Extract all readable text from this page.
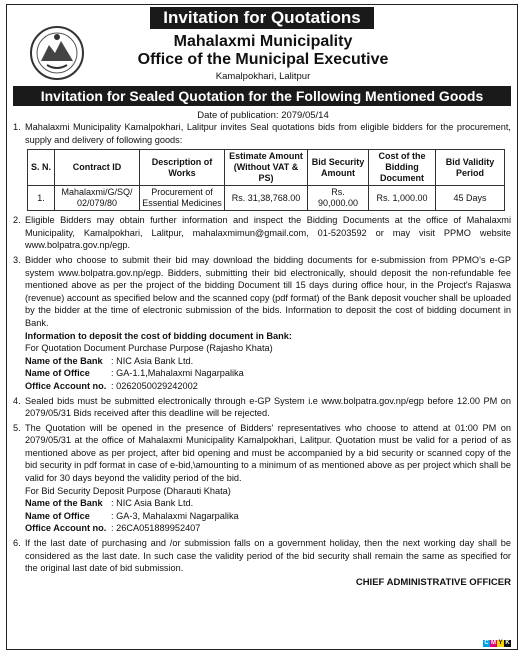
Invitation for Quotations
Mahalaxmi Municipality
Office of the Municipal Executive
Kamalpokhari, Lalitpur
Invitation for Sealed Quotation for the Following Mentioned Goods
Date of publication: 2079/05/14
1. Mahalaxmi Municipality Kamalpokhari, Lalitpur invites Seal quotations bids from eligible bidders for the procurement, supply and delivery of following goods:
S. N.	Contract ID	Description of Works	Estimate Amount (Without VAT & PS)	Bid Security Amount	Cost of the Bidding Document	Bid Validity Period
1.	Mahalaxmi/G/SQ/ 02/079/80	Procurement of Essential Medicines	Rs. 31,38,768.00	Rs. 90,000.00	Rs. 1,000.00	45 Days
2. Eligible Bidders may obtain further information and inspect the Bidding Documents at the office of Mahalaxmi Municipality, Kamalpokhari, Lalitpur, mahalaxmimun@gmail.com, 01-5203592 or may visit PPMO website www.bolpatra.gov.np/egp.
3. Bidder who choose to submit their bid may download the bidding documents for e-submission from PPMO's e-GP system www.bolpatra.gov.np/egp. Bidders, submitting their bid electronically, should deposit the non-refundable fee mentioned above as per the project of the bidding Document till 15 days during office hour, in the Project's Rajaswa (revenue) account as specified below and the scanned copy (pdf format) of the Bank deposit voucher shall be uploaded by the bidder at the time of electronic submission of the bids. Information to deposit the cost of bidding document in Bank.
Information to deposit the cost of bidding document in Bank:
For Quotation Document Purchase Purpose (Rajasho Khata)
Name of the Bank : NIC Asia Bank Ltd.
Name of Office	: GA-1.1,Mahalaxmi Nagarpalika
Office Account no. : 0262050029242002
4. Sealed bids must be submitted electronically through e-GP System i.e www.bolpatra.gov.np/egp before 12.00 PM on 2079/05/31 Bids received after this deadline will be rejected.
5. The Quotation will be opened in the presence of Bidders' representatives who choose to attend at 01:00 PM on 2079/05/31 at the office of Mahalaxmi Municipality Kamalpokhari, Lalitpur. Quotation must be valid for a period of as mentioned above as per project, after bid opening and must be accompanied by a bid security or scanned copy of the bid security in pdf format in case of e-bid,\amounting to a minimum of as mentioned above as per project which shall be valid for 30 days beyond the validity period of the bid.
For Bid Security Deposit Purpose (Dharauti Khata)
Name of the Bank : NIC Asia Bank Ltd.
Name of Office	: GA-3, Mahalaxmi Nagarpalika
Office Account no. : 26CA051889952407
6. If the last date of purchasing and /or submission falls on a government holiday, then the next working day shall be considered as the last date. In such case the validity period of the bid security shall remain the same as specified for the original last date of bid submission.
CHIEF ADMINISTRATIVE OFFICER
C M Y K
